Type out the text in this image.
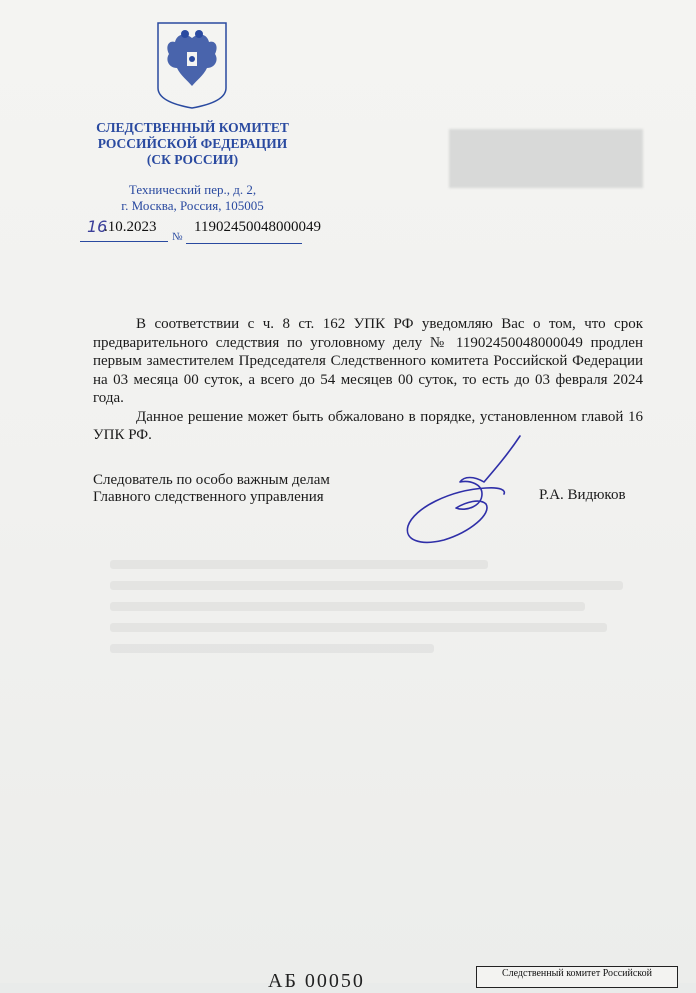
СЛЕДСТВЕННЫЙ КОМИТЕТ
РОССИЙСКОЙ ФЕДЕРАЦИИ
(СК РОССИИ)
Технический пер., д. 2,
г. Москва, Россия, 105005
16
.10.2023
№
11902450048000049

В соответствии с ч. 8 ст. 162 УПК РФ уведомляю Вас о том, что срок предварительного следствия по уголовному делу № 11902450048000049 продлен первым заместителем Председателя Следственного комитета Российской Федерации на 03 месяца 00 суток, а всего до 54 месяцев 00 суток, то есть до 03 февраля 2024 года.

Данное решение может быть обжаловано в порядке, установленном главой 16 УПК РФ.

Следователь по особо важным делам
Главного следственного управления	Р.А. Видюков
АБ 00050	Следственный комитет Российской
